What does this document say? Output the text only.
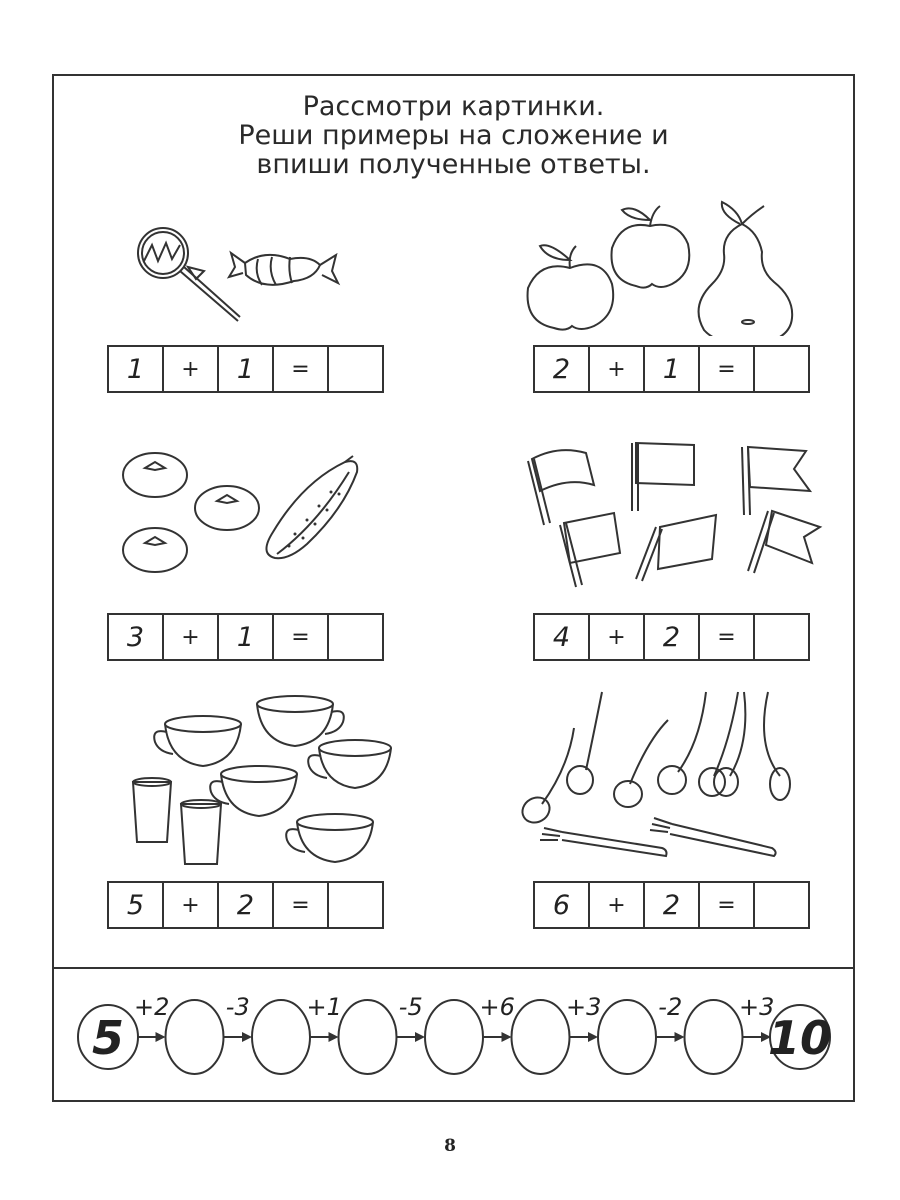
Рассмотри картинки.
Реши примеры на сложение и
впиши полученные ответы.
1	+	1	=	2	+	1	=
3	+	1	=	4	+	2	=
5	+	2	=	6	+	2	=
5
+2 -3 +1 -5 +6 +3 -2 +3
10
8
